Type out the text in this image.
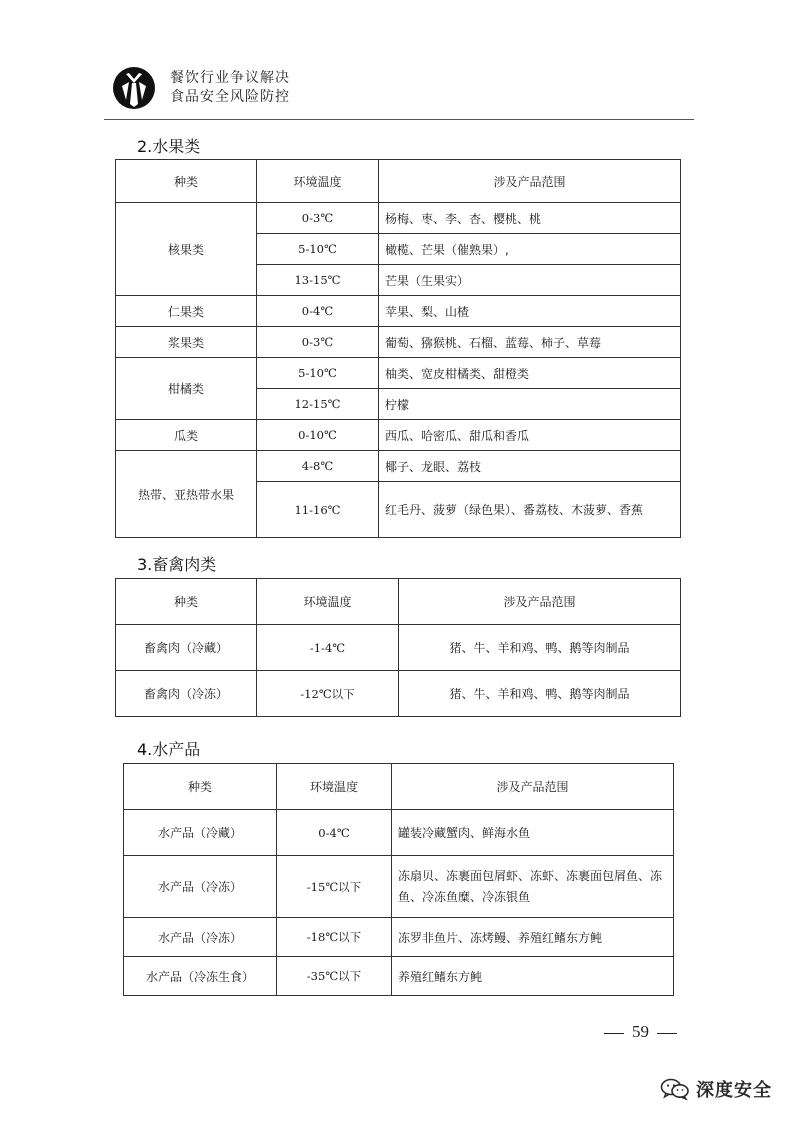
餐饮行业争议解决
食品安全风险防控
2.水果类
种类	环境温度	涉及产品范围
核果类	0-3℃	杨梅、枣、李、杏、樱桃、桃
	5-10℃	橄榄、芒果（催熟果）,
	13-15℃	芒果（生果实）
仁果类	0-4℃	苹果、梨、山楂
浆果类	0-3℃	葡萄、猕猴桃、石榴、蓝莓、柿子、草莓
柑橘类	5-10℃	柚类、宽皮柑橘类、甜橙类
	12-15℃	柠檬
瓜类	0-10℃	西瓜、哈密瓜、甜瓜和香瓜
热带、亚热带水果	4-8℃	椰子、龙眼、荔枝
	11-16℃	红毛丹、菠萝（绿色果）、番荔枝、木菠萝、香蕉
3.畜禽肉类
种类	环境温度	涉及产品范围
畜禽肉（冷藏）	-1-4℃	猪、牛、羊和鸡、鸭、鹅等肉制品
畜禽肉（冷冻）	-12℃以下	猪、牛、羊和鸡、鸭、鹅等肉制品
4.水产品
种类	环境温度	涉及产品范围
水产品（冷藏）	0-4℃	罐装冷藏蟹肉、鲜海水鱼
水产品（冷冻）	-15℃以下	冻扇贝、冻裹面包屑虾、冻虾、冻裹面包屑鱼、冻鱼、冷冻鱼糜、冷冻银鱼
水产品（冷冻）	-18℃以下	冻罗非鱼片、冻烤鳗、养殖红鳍东方鲀
水产品（冷冻生食）	-35℃以下	养殖红鳍东方鲀
59
深度安全
